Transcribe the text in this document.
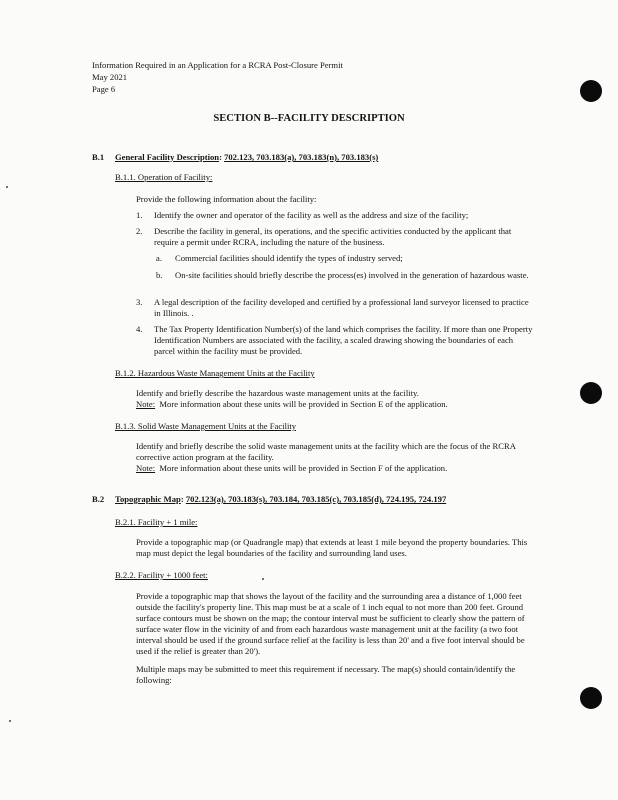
Information Required in an Application for a RCRA Post-Closure Permit
May 2021
Page 6
SECTION B--FACILITY DESCRIPTION
B.1 General Facility Description: 702.123, 703.183(a), 703.183(n), 703.183(s)
B.1.1. Operation of Facility:
Provide the following information about the facility:
1. Identify the owner and operator of the facility as well as the address and size of the facility;
2. Describe the facility in general, its operations, and the specific activities conducted by the applicant that require a permit under RCRA, including the nature of the business.
a. Commercial facilities should identify the types of industry served;
b. On-site facilities should briefly describe the process(es) involved in the generation of hazardous waste.
3. A legal description of the facility developed and certified by a professional land surveyor licensed to practice in Illinois. .
4. The Tax Property Identification Number(s) of the land which comprises the facility. If more than one Property Identification Numbers are associated with the facility, a scaled drawing showing the boundaries of each parcel within the facility must be provided.
B.1.2. Hazardous Waste Management Units at the Facility
Identify and briefly describe the hazardous waste management units at the facility.
Note: More information about these units will be provided in Section E of the application.
B.1.3. Solid Waste Management Units at the Facility
Identify and briefly describe the solid waste management units at the facility which are the focus of the RCRA corrective action program at the facility.
Note: More information about these units will be provided in Section F of the application.
B.2 Topographic Map: 702.123(a), 703.183(s), 703.184, 703.185(c), 703.185(d), 724.195, 724.197
B.2.1. Facility + 1 mile:
Provide a topographic map (or Quadrangle map) that extends at least 1 mile beyond the property boundaries. This map must depict the legal boundaries of the facility and surrounding land uses.
B.2.2. Facility + 1000 feet:
Provide a topographic map that shows the layout of the facility and the surrounding area a distance of 1,000 feet outside the facility's property line. This map must be at a scale of 1 inch equal to not more than 200 feet. Ground surface contours must be shown on the map; the contour interval must be sufficient to clearly show the pattern of surface water flow in the vicinity of and from each hazardous waste management unit at the facility (a two foot interval should be used if the ground surface relief at the facility is less than 20' and a five foot interval should be used if the relief is greater than 20').
Multiple maps may be submitted to meet this requirement if necessary. The map(s) should contain/identify the following:
